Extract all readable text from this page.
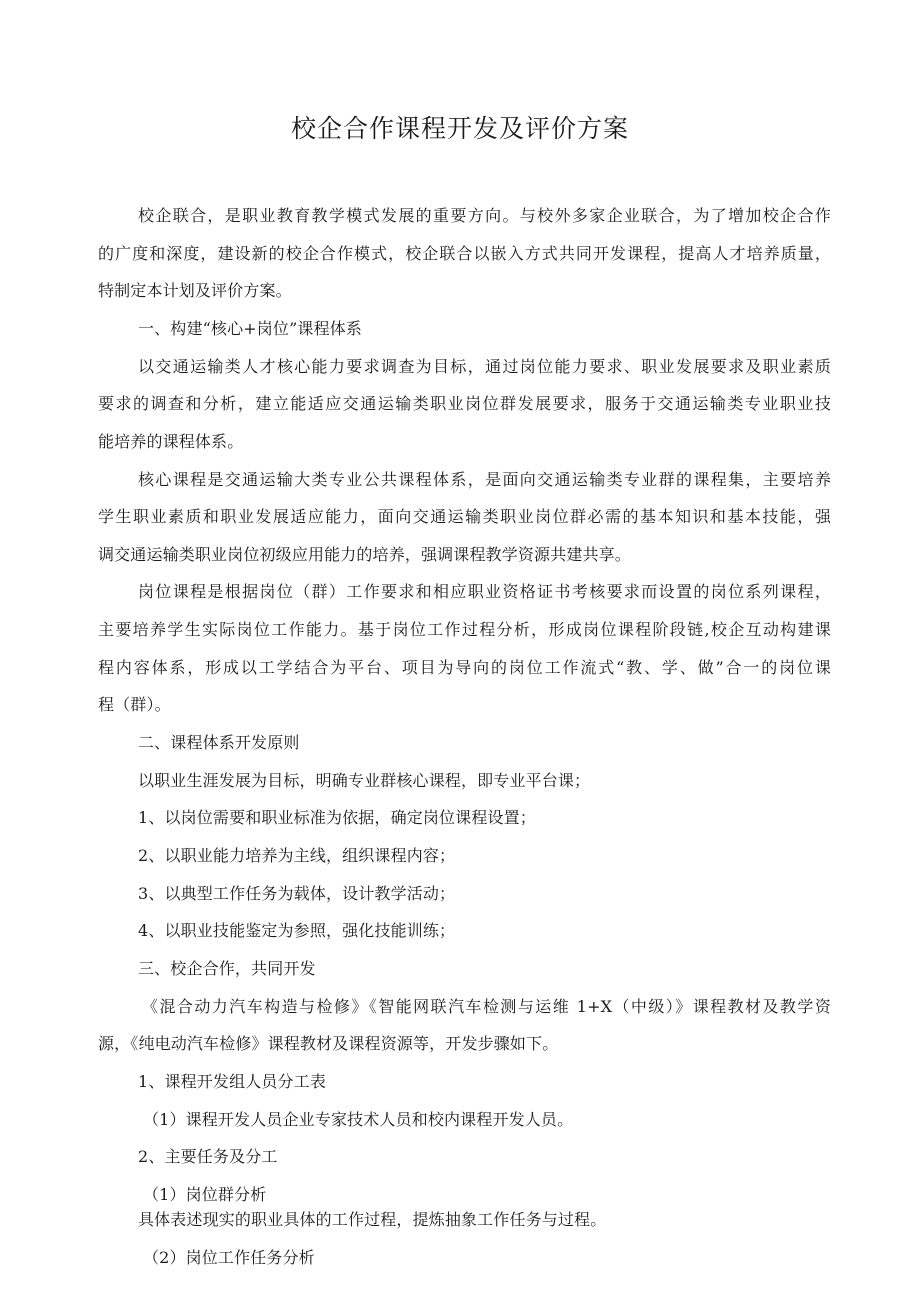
校企合作课程开发及评价方案
校企联合，是职业教育教学模式发展的重要方向。与校外多家企业联合，为了增加校企合作
的广度和深度，建设新的校企合作模式，校企联合以嵌入方式共同开发课程，提高人才培养质量，
特制定本计划及评价方案。
一、构建“核心+岗位”课程体系
以交通运输类人才核心能力要求调查为目标，通过岗位能力要求、职业发展要求及职业素质
要求的调查和分析，建立能适应交通运输类职业岗位群发展要求，服务于交通运输类专业职业技
能培养的课程体系。
核心课程是交通运输大类专业公共课程体系，是面向交通运输类专业群的课程集，主要培养
学生职业素质和职业发展适应能力，面向交通运输类职业岗位群必需的基本知识和基本技能，强
调交通运输类职业岗位初级应用能力的培养，强调课程教学资源共建共享。
岗位课程是根据岗位（群）工作要求和相应职业资格证书考核要求而设置的岗位系列课程，
主要培养学生实际岗位工作能力。基于岗位工作过程分析，形成岗位课程阶段链,校企互动构建课
程内容体系，形成以工学结合为平台、项目为导向的岗位工作流式“教、学、做”合一的岗位课
程（群）。
二、课程体系开发原则
以职业生涯发展为目标，明确专业群核心课程，即专业平台课；
1、以岗位需要和职业标准为依据，确定岗位课程设置；
2、以职业能力培养为主线，组织课程内容；
3、以典型工作任务为载体，设计教学活动；
4、以职业技能鉴定为参照，强化技能训练；
三、校企合作，共同开发
《混合动力汽车构造与检修》《智能网联汽车检测与运维 1+X（中级）》课程教材及教学资
源，《纯电动汽车检修》课程教材及课程资源等，开发步骤如下。
1、课程开发组人员分工表
（1）课程开发人员企业专家技术人员和校内课程开发人员。
2、主要任务及分工
（1）岗位群分析
具体表述现实的职业具体的工作过程，提炼抽象工作任务与过程。
（2）岗位工作任务分析
